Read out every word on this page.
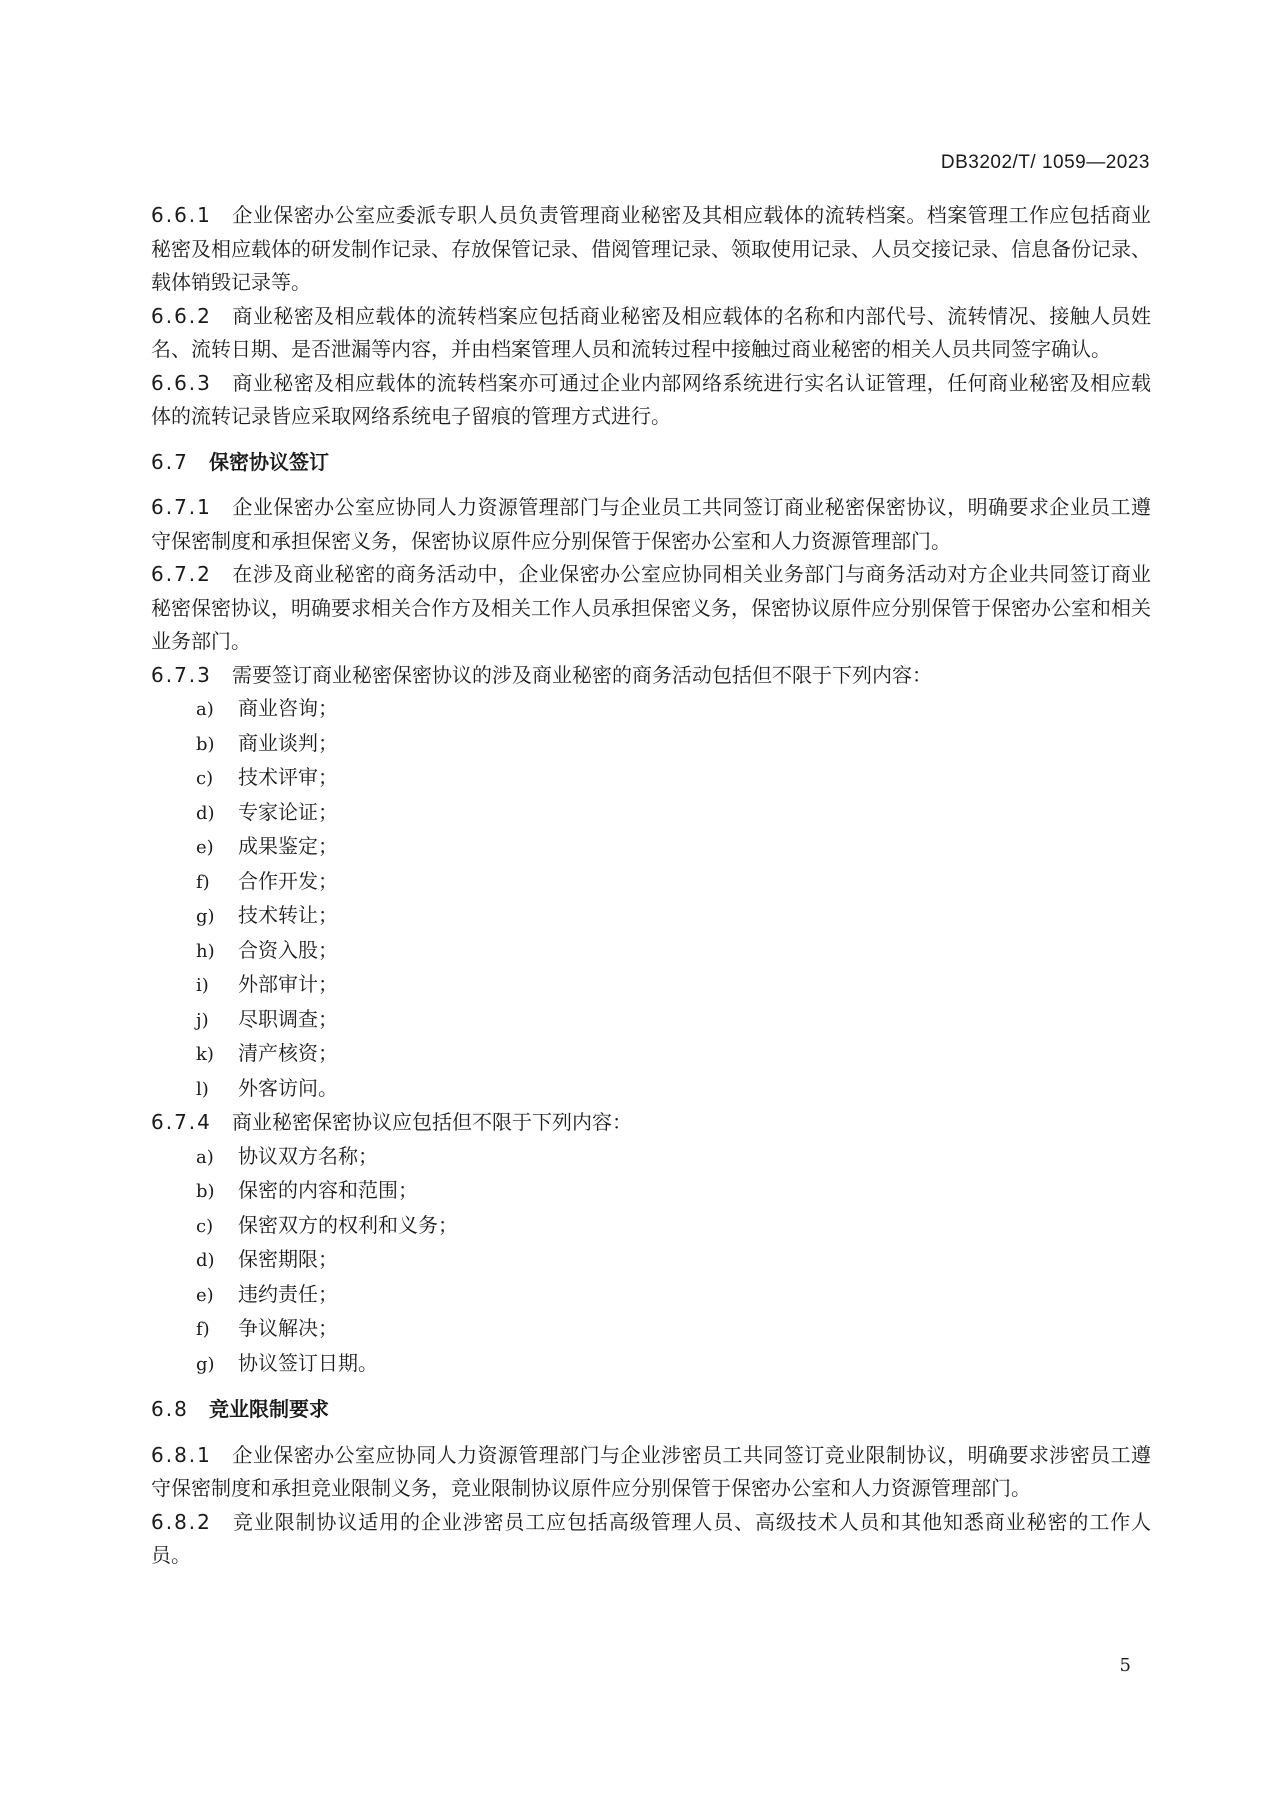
DB3202/T/ 1059—2023

6.6.1 企业保密办公室应委派专职人员负责管理商业秘密及其相应载体的流转档案。档案管理工作应包括商业秘密及相应载体的研发制作记录、存放保管记录、借阅管理记录、领取使用记录、人员交接记录、信息备份记录、载体销毁记录等。

6.6.2 商业秘密及相应载体的流转档案应包括商业秘密及相应载体的名称和内部代号、流转情况、接触人员姓名、流转日期、是否泄漏等内容，并由档案管理人员和流转过程中接触过商业秘密的相关人员共同签字确认。

6.6.3 商业秘密及相应载体的流转档案亦可通过企业内部网络系统进行实名认证管理，任何商业秘密及相应载体的流转记录皆应采取网络系统电子留痕的管理方式进行。

6.7 保密协议签订

6.7.1 企业保密办公室应协同人力资源管理部门与企业员工共同签订商业秘密保密协议，明确要求企业员工遵守保密制度和承担保密义务，保密协议原件应分别保管于保密办公室和人力资源管理部门。

6.7.2 在涉及商业秘密的商务活动中，企业保密办公室应协同相关业务部门与商务活动对方企业共同签订商业秘密保密协议，明确要求相关合作方及相关工作人员承担保密义务，保密协议原件应分别保管于保密办公室和相关业务部门。

6.7.3 需要签订商业秘密保密协议的涉及商业秘密的商务活动包括但不限于下列内容：

a) 商业咨询；
b) 商业谈判；
c) 技术评审；
d) 专家论证；
e) 成果鉴定；
f) 合作开发；
g) 技术转让；
h) 合资入股；
i) 外部审计；
j) 尽职调查；
k) 清产核资；
l) 外客访问。

6.7.4 商业秘密保密协议应包括但不限于下列内容：

a) 协议双方名称；
b) 保密的内容和范围；
c) 保密双方的权利和义务；
d) 保密期限；
e) 违约责任；
f) 争议解决；
g) 协议签订日期。
6.8 竞业限制要求

6.8.1 企业保密办公室应协同人力资源管理部门与企业涉密员工共同签订竞业限制协议，明确要求涉密员工遵守保密制度和承担竞业限制义务，竞业限制协议原件应分别保管于保密办公室和人力资源管理部门。

6.8.2 竞业限制协议适用的企业涉密员工应包括高级管理人员、高级技术人员和其他知悉商业秘密的工作人员。

5
